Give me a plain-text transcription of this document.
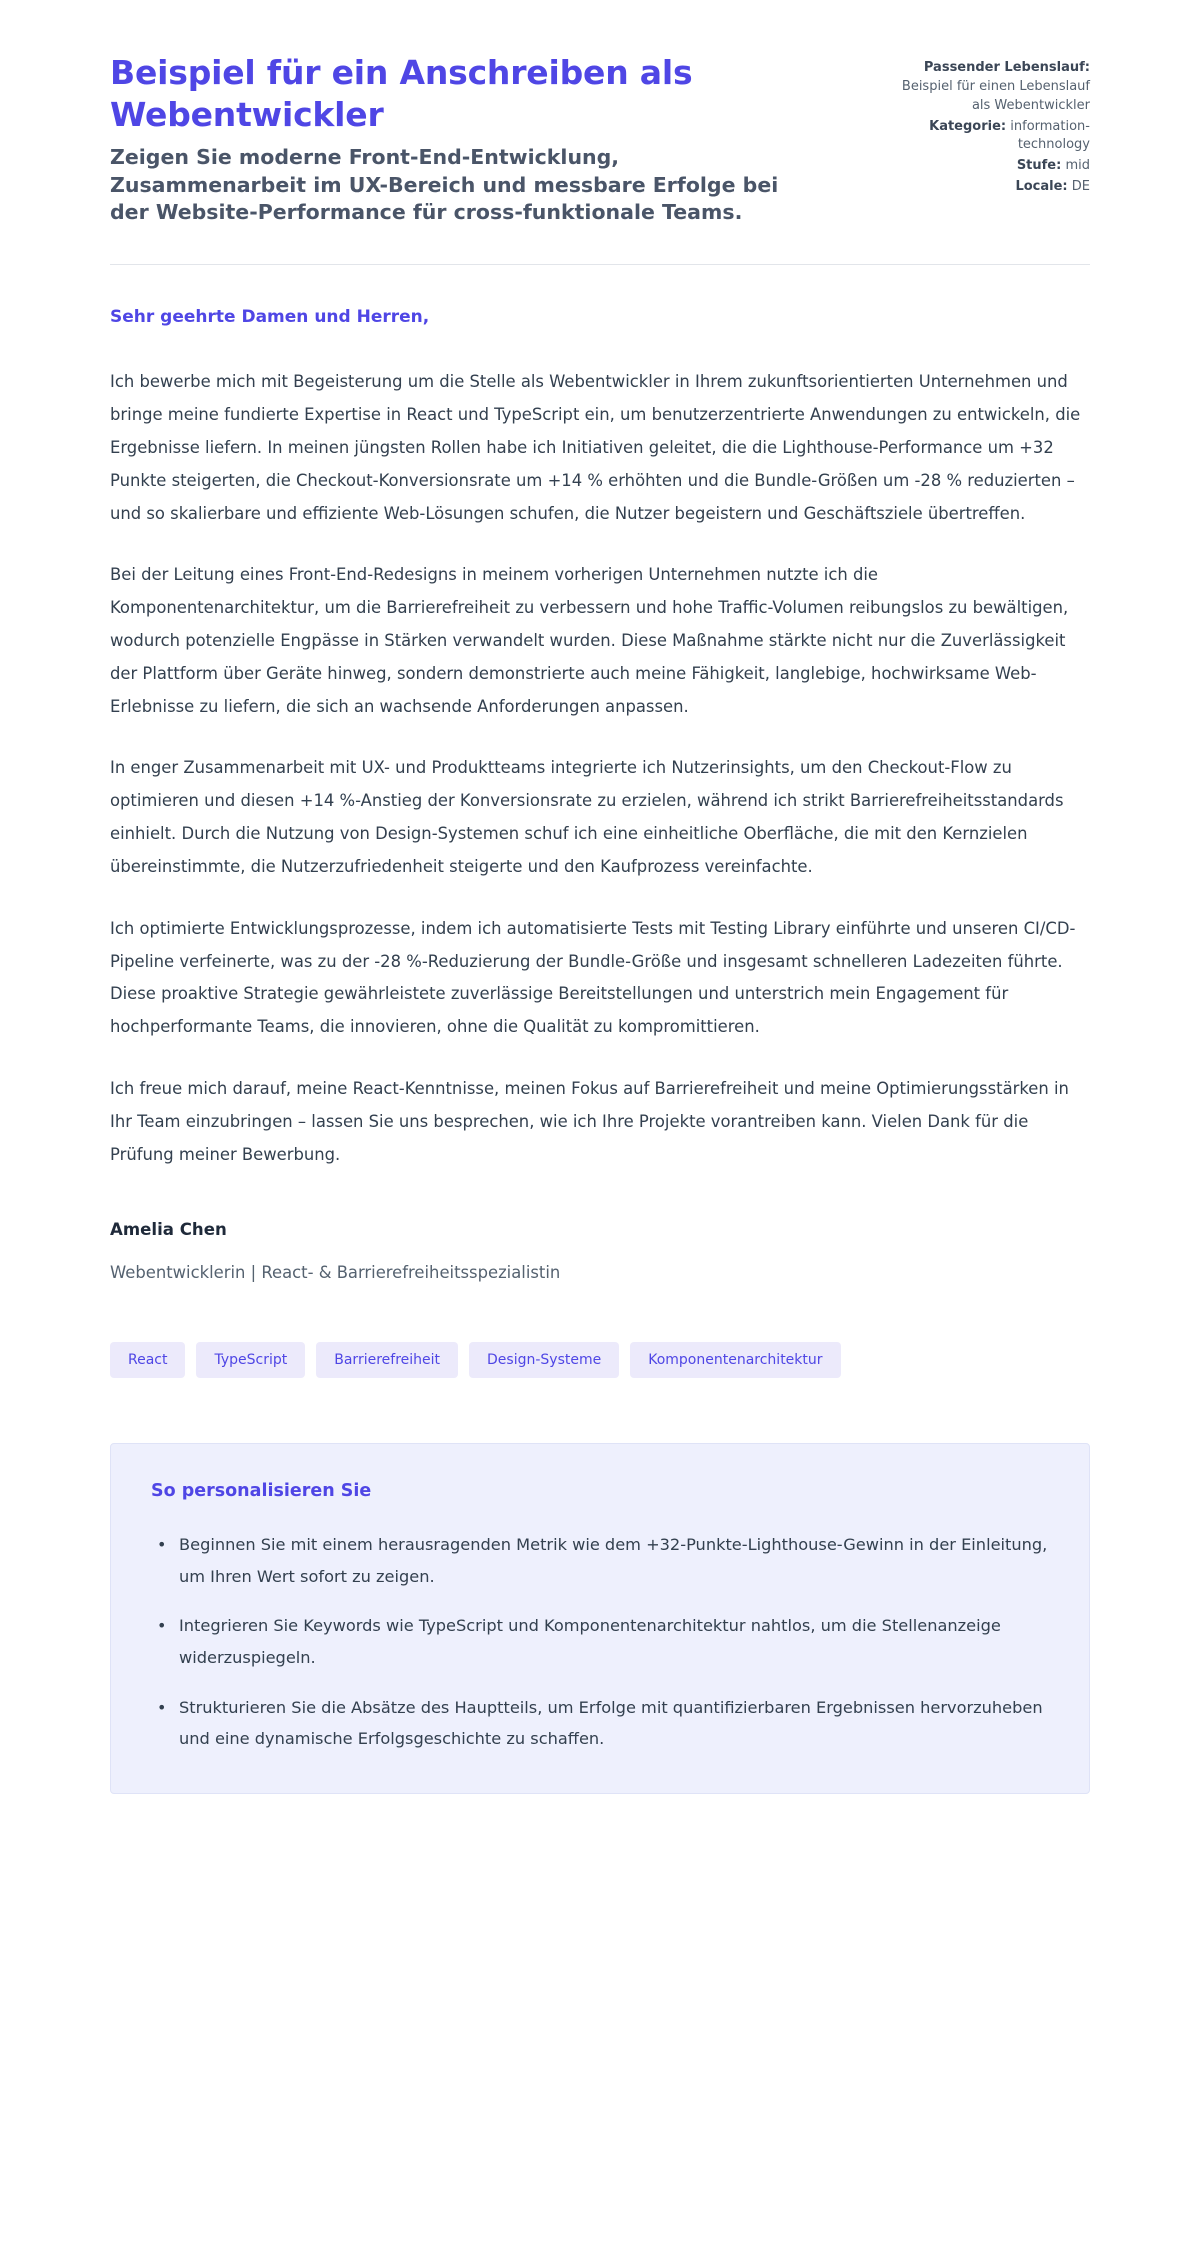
Beispiel für ein Anschreiben als Webentwickler

Zeigen Sie moderne Front-End-Entwicklung, Zusammenarbeit im UX-Bereich und messbare Erfolge bei der Website-Performance für cross-funktionale Teams.

Passender Lebenslauf: Beispiel für einen Lebenslauf als Webentwickler
Kategorie: information-technology
Stufe: mid
Locale: DE

Sehr geehrte Damen und Herren,

Ich bewerbe mich mit Begeisterung um die Stelle als Webentwickler in Ihrem zukunftsorientierten Unternehmen und bringe meine fundierte Expertise in React und TypeScript ein, um benutzerzentrierte Anwendungen zu entwickeln, die Ergebnisse liefern. In meinen jüngsten Rollen habe ich Initiativen geleitet, die die Lighthouse-Performance um +32 Punkte steigerten, die Checkout-Konversionsrate um +14 % erhöhten und die Bundle-Größen um -28 % reduzierten – und so skalierbare und effiziente Web-Lösungen schufen, die Nutzer begeistern und Geschäftsziele übertreffen.

Bei der Leitung eines Front-End-Redesigns in meinem vorherigen Unternehmen nutzte ich die Komponentenarchitektur, um die Barrierefreiheit zu verbessern und hohe Traffic-Volumen reibungslos zu bewältigen, wodurch potenzielle Engpässe in Stärken verwandelt wurden. Diese Maßnahme stärkte nicht nur die Zuverlässigkeit der Plattform über Geräte hinweg, sondern demonstrierte auch meine Fähigkeit, langlebige, hochwirksame Web-Erlebnisse zu liefern, die sich an wachsende Anforderungen anpassen.

In enger Zusammenarbeit mit UX- und Produktteams integrierte ich Nutzerinsights, um den Checkout-Flow zu optimieren und diesen +14 %-Anstieg der Konversionsrate zu erzielen, während ich strikt Barrierefreiheitsstandards einhielt. Durch die Nutzung von Design-Systemen schuf ich eine einheitliche Oberfläche, die mit den Kernzielen übereinstimmte, die Nutzerzufriedenheit steigerte und den Kaufprozess vereinfachte.

Ich optimierte Entwicklungsprozesse, indem ich automatisierte Tests mit Testing Library einführte und unseren CI/CD-Pipeline verfeinerte, was zu der -28 %-Reduzierung der Bundle-Größe und insgesamt schnelleren Ladezeiten führte. Diese proaktive Strategie gewährleistete zuverlässige Bereitstellungen und unterstrich mein Engagement für hochperformante Teams, die innovieren, ohne die Qualität zu kompromittieren.

Ich freue mich darauf, meine React-Kenntnisse, meinen Fokus auf Barrierefreiheit und meine Optimierungsstärken in Ihr Team einzubringen – lassen Sie uns besprechen, wie ich Ihre Projekte vorantreiben kann. Vielen Dank für die Prüfung meiner Bewerbung.

Amelia Chen

Webentwicklerin | React- & Barrierefreiheitsspezialistin

React	TypeScript	Barrierefreiheit	Design-Systeme	Komponentenarchitektur
So personalisieren Sie
• Beginnen Sie mit einem herausragenden Metrik wie dem +32-Punkte-Lighthouse-Gewinn in der Einleitung, um Ihren Wert sofort zu zeigen.
• Integrieren Sie Keywords wie TypeScript und Komponentenarchitektur nahtlos, um die Stellenanzeige widerzuspiegeln.
• Strukturieren Sie die Absätze des Hauptteils, um Erfolge mit quantifizierbaren Ergebnissen hervorzuheben und eine dynamische Erfolgsgeschichte zu schaffen.
